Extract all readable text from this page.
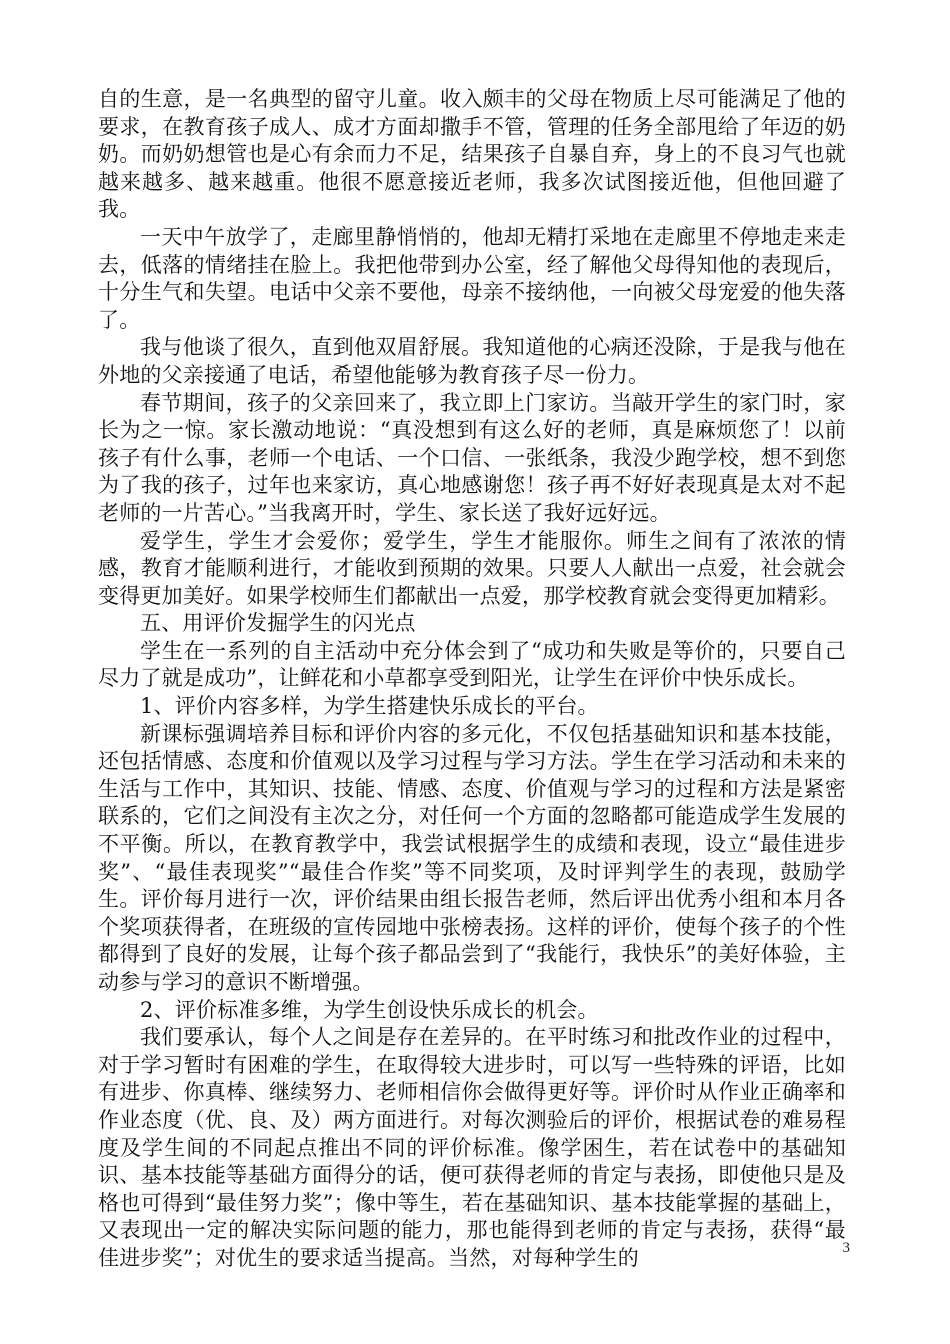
自的生意，是一名典型的留守儿童。收入颇丰的父母在物质上尽可能满足了他的要求，在教育孩子成人、成才方面却撒手不管，管理的任务全部甩给了年迈的奶奶。而奶奶想管也是心有余而力不足，结果孩子自暴自弃，身上的不良习气也就越来越多、越来越重。他很不愿意接近老师，我多次试图接近他，但他回避了我。

一天中午放学了，走廊里静悄悄的，他却无精打采地在走廊里不停地走来走去，低落的情绪挂在脸上。我把他带到办公室，经了解他父母得知他的表现后，十分生气和失望。电话中父亲不要他，母亲不接纳他，一向被父母宠爱的他失落了。

我与他谈了很久，直到他双眉舒展。我知道他的心病还没除，于是我与他在外地的父亲接通了电话，希望他能够为教育孩子尽一份力。

春节期间，孩子的父亲回来了，我立即上门家访。当敲开学生的家门时，家长为之一惊。家长激动地说：“真没想到有这么好的老师，真是麻烦您了！以前孩子有什么事，老师一个电话、一个口信、一张纸条，我没少跑学校，想不到您为了我的孩子，过年也来家访，真心地感谢您！孩子再不好好表现真是太对不起老师的一片苦心。”当我离开时，学生、家长送了我好远好远。

爱学生，学生才会爱你；爱学生，学生才能服你。师生之间有了浓浓的情感，教育才能顺利进行，才能收到预期的效果。只要人人献出一点爱，社会就会变得更加美好。如果学校师生们都献出一点爱，那学校教育就会变得更加精彩。

五、用评价发掘学生的闪光点

学生在一系列的自主活动中充分体会到了“成功和失败是等价的，只要自己尽力了就是成功”，让鲜花和小草都享受到阳光，让学生在评价中快乐成长。

1、评价内容多样，为学生搭建快乐成长的平台。

新课标强调培养目标和评价内容的多元化，不仅包括基础知识和基本技能，还包括情感、态度和价值观以及学习过程与学习方法。学生在学习活动和未来的生活与工作中，其知识、技能、情感、态度、价值观与学习的过程和方法是紧密联系的，它们之间没有主次之分，对任何一个方面的忽略都可能造成学生发展的不平衡。所以，在教育教学中，我尝试根据学生的成绩和表现，设立“最佳进步奖”、“最佳表现奖”“最佳合作奖”等不同奖项，及时评判学生的表现，鼓励学生。评价每月进行一次，评价结果由组长报告老师，然后评出优秀小组和本月各个奖项获得者，在班级的宣传园地中张榜表扬。这样的评价，使每个孩子的个性都得到了良好的发展，让每个孩子都品尝到了“我能行，我快乐”的美好体验，主动参与学习的意识不断增强。

2、评价标准多维，为学生创设快乐成长的机会。

我们要承认，每个人之间是存在差异的。在平时练习和批改作业的过程中，对于学习暂时有困难的学生，在取得较大进步时，可以写一些特殊的评语，比如有进步、你真棒、继续努力、老师相信你会做得更好等。评价时从作业正确率和作业态度（优、良、及）两方面进行。对每次测验后的评价，根据试卷的难易程度及学生间的不同起点推出不同的评价标准。像学困生，若在试卷中的基础知识、基本技能等基础方面得分的话，便可获得老师的肯定与表扬，即使他只是及格也可得到“最佳努力奖”；像中等生，若在基础知识、基本技能掌握的基础上，又表现出一定的解决实际问题的能力，那也能得到老师的肯定与表扬，获得“最佳进步奖”；对优生的要求适当提高。当然，对每种学生的	3
